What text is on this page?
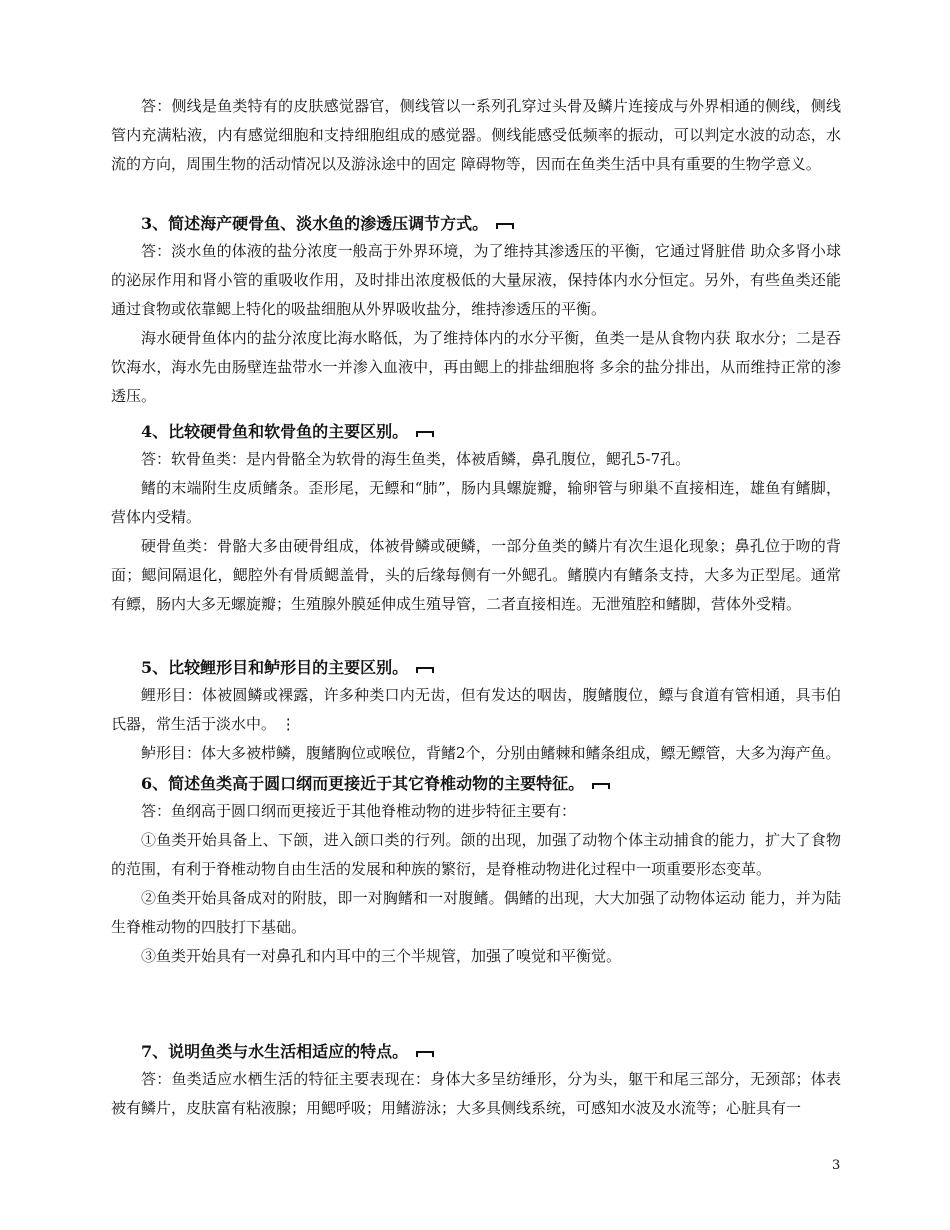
答：侧线是鱼类特有的皮肤感觉器官，侧线管以一系列孔穿过头骨及鳞片连接成与外界相通的侧线，侧线管内充满粘液，内有感觉细胞和支持细胞组成的感觉器。侧线能感受低频率的振动，可以判定水波的动态，水流的方向，周围生物的活动情况以及游泳途中的固定 障碍物等，因而在鱼类生活中具有重要的生物学意义。

3、简述海产硬骨鱼、淡水鱼的渗透压调节方式。

答：淡水鱼的体液的盐分浓度一般高于外界环境，为了维持其渗透压的平衡，它通过肾脏借 助众多肾小球的泌尿作用和肾小管的重吸收作用，及时排出浓度极低的大量尿液，保持体内水分恒定。另外，有些鱼类还能通过食物或依靠鳃上特化的吸盐细胞从外界吸收盐分，维持渗透压的平衡。

海水硬骨鱼体内的盐分浓度比海水略低，为了维持体内的水分平衡，鱼类一是从食物内获 取水分；二是吞饮海水，海水先由肠壁连盐带水一并渗入血液中，再由鳃上的排盐细胞将 多余的盐分排出，从而维持正常的渗透压。

4、比较硬骨鱼和软骨鱼的主要区别。

答：软骨鱼类：是内骨骼全为软骨的海生鱼类，体被盾鳞，鼻孔腹位，鳃孔5-7孔。

鳍的末端附生皮质鳍条。歪形尾，无鳔和“肺”，肠内具螺旋瓣，输卵管与卵巢不直接相连，雄鱼有鳍脚，营体内受精。

硬骨鱼类：骨骼大多由硬骨组成，体被骨鳞或硬鳞，一部分鱼类的鳞片有次生退化现象；鼻孔位于吻的背面；鳃间隔退化，鳃腔外有骨质鳃盖骨，头的后缘每侧有一外鳃孔。鳍膜内有鳍条支持，大多为正型尾。通常有鳔，肠内大多无螺旋瓣；生殖腺外膜延伸成生殖导管，二者直接相连。无泄殖腔和鳍脚，营体外受精。

5、比较鲤形目和鲈形目的主要区别。

鲤形目：体被圆鳞或裸露，许多种类口内无齿，但有发达的咽齿，腹鳍腹位，鳔与食道有管相通，具韦伯氏器，常生活于淡水中。 ⋮

鲈形目：体大多被栉鳞，腹鳍胸位或喉位，背鳍2个，分别由鳍棘和鳍条组成，鳔无鳔管，大多为海产鱼。

6、简述鱼类高于圆口纲而更接近于其它脊椎动物的主要特征。

答：鱼纲高于圆口纲而更接近于其他脊椎动物的进步特征主要有：

①鱼类开始具备上、下颌，进入颌口类的行列。颌的出现，加强了动物个体主动捕食的能力，扩大了食物的范围，有利于脊椎动物自由生活的发展和种族的繁衍，是脊椎动物进化过程中一项重要形态变革。

②鱼类开始具备成对的附肢，即一对胸鳍和一对腹鳍。偶鳍的出现，大大加强了动物体运动 能力，并为陆生脊椎动物的四肢打下基础。

③鱼类开始具有一对鼻孔和内耳中的三个半规管，加强了嗅觉和平衡觉。

7、说明鱼类与水生活相适应的特点。

答：鱼类适应水栖生活的特征主要表现在：身体大多呈纺缍形，分为头，躯干和尾三部分，无颈部；体表被有鳞片，皮肤富有粘液腺；用鳃呼吸；用鳍游泳；大多具侧线系统，可感知水波及水流等；心脏具有一

3
